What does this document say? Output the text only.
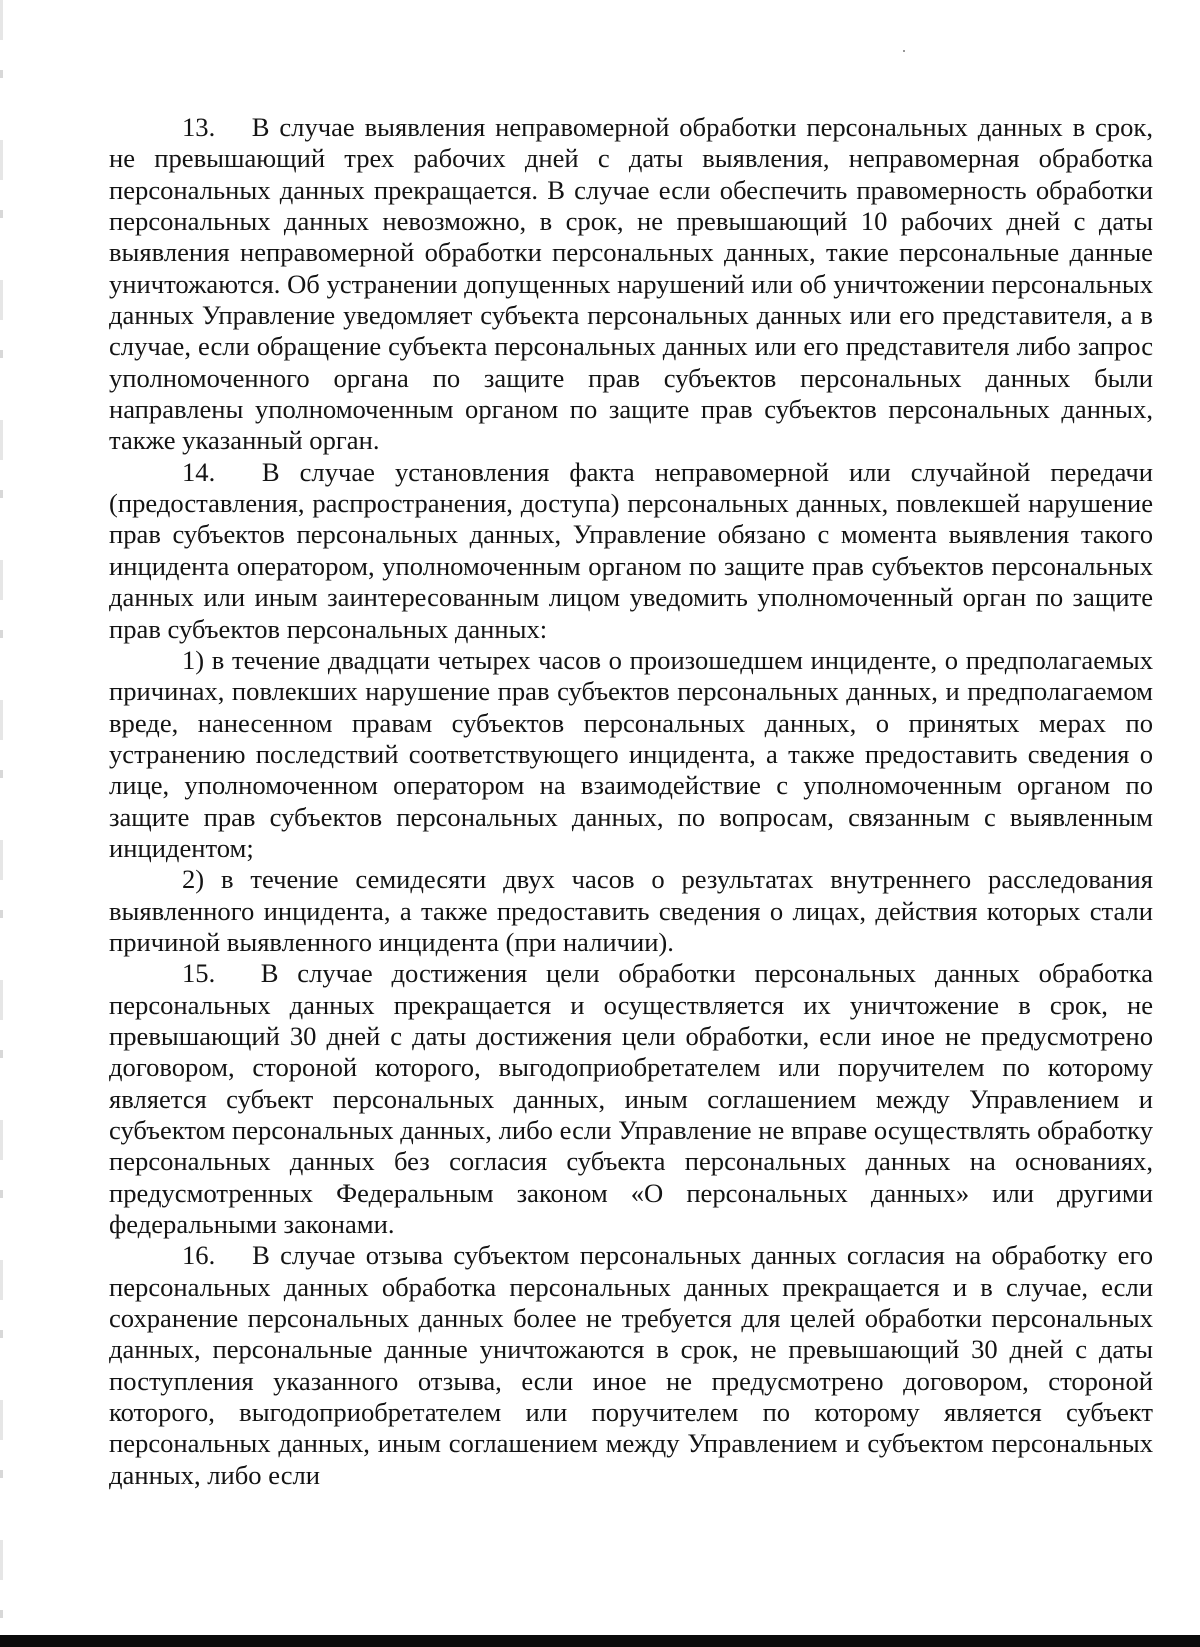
13.  В случае выявления неправомерной обработки персональных данных в срок, не превышающий трех рабочих дней с даты выявления, неправомерная обработка персональных данных прекращается. В случае если обеспечить правомерность обработки персональных данных невозможно, в срок, не превышающий 10 рабочих дней с даты выявления неправомерной обработки персональных данных, такие персональные данные уничтожаются. Об устранении допущенных нарушений или об уничтожении персональных данных Управление уведомляет субъекта персональных данных или его представителя, а в случае, если обращение субъекта персональных данных или его представителя либо запрос уполномоченного органа по защите прав субъектов персональных данных были направлены уполномоченным органом по защите прав субъектов персональных данных, также указанный орган.

14.  В случае установления факта неправомерной или случайной передачи (предоставления, распространения, доступа) персональных данных, повлекшей нарушение прав субъектов персональных данных, Управление обязано с момента выявления такого инцидента оператором, уполномоченным органом по защите прав субъектов персональных данных или иным заинтересованным лицом уведомить уполномоченный орган по защите прав субъектов персональных данных:

1) в течение двадцати четырех часов о произошедшем инциденте, о предполагаемых причинах, повлекших нарушение прав субъектов персональных данных, и предполагаемом вреде, нанесенном правам субъектов персональных данных, о принятых мерах по устранению последствий соответствующего инцидента, а также предоставить сведения о лице, уполномоченном оператором на взаимодействие с уполномоченным органом по защите прав субъектов персональных данных, по вопросам, связанным с выявленным инцидентом;

2) в течение семидесяти двух часов о результатах внутреннего расследования выявленного инцидента, а также предоставить сведения о лицах, действия которых стали причиной выявленного инцидента (при наличии).

15.  В случае достижения цели обработки персональных данных обработка персональных данных прекращается и осуществляется их уничтожение в срок, не превышающий 30 дней с даты достижения цели обработки, если иное не предусмотрено договором, стороной которого, выгодоприобретателем или поручителем по которому является субъект персональных данных, иным соглашением между Управлением и субъектом персональных данных, либо если Управление не вправе осуществлять обработку персональных данных без согласия субъекта персональных данных на основаниях, предусмотренных Федеральным законом «О персональных данных» или другими федеральными законами.

16.  В случае отзыва субъектом персональных данных согласия на обработку его персональных данных обработка персональных данных прекращается и в случае, если сохранение персональных данных более не требуется для целей обработки персональных данных, персональные данные уничтожаются в срок, не превышающий 30 дней с даты поступления указанного отзыва, если иное не предусмотрено договором, стороной которого, выгодоприобретателем или поручителем по которому является субъект персональных данных, иным соглашением между Управлением и субъектом персональных данных, либо если
